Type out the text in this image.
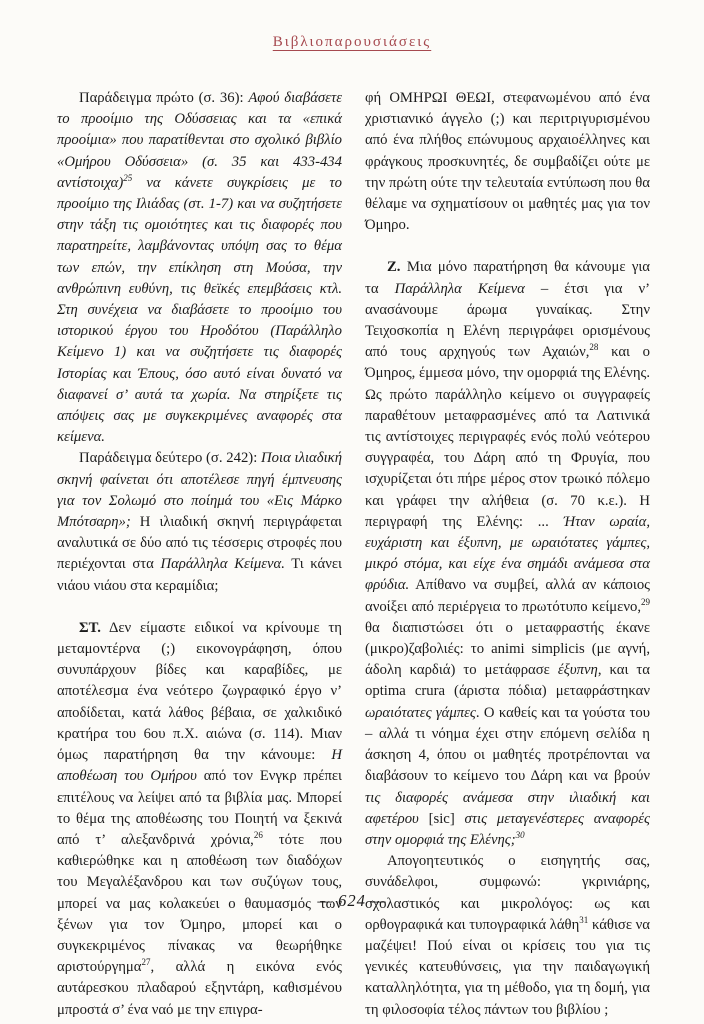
Βιβλιοπαρουσιάσεις

Παράδειγμα πρώτο (σ. 36): Αφού διαβάσετε το προοίμιο της Οδύσσειας και τα «επικά προοίμια» που παρατίθενται στο σχολικό βιβλίο «Ομήρου Οδύσσεια» (σ. 35 και 433-434 αντίστοιχα)$^{25}$ να κάνετε συγκρίσεις με το προοίμιο της Ιλιάδας (στ. 1-7) και να συζητήσετε στην τάξη τις ομοιότητες και τις διαφορές που παρατηρείτε, λαμβάνοντας υπόψη σας το θέμα των επών, την επίκληση στη Μούσα, την ανθρώπινη ευθύνη, τις θεϊκές επεμβάσεις κτλ. Στη συνέχεια να διαβάσετε το προοίμιο του ιστορικού έργου του Ηροδότου (Παράλληλο Κείμενο 1) και να συζητήσετε τις διαφορές Ιστορίας και Έπους, όσο αυτό είναι δυνατό να διαφανεί σ’ αυτά τα χωρία. Να στηρίξετε τις απόψεις σας με συγκεκριμένες αναφορές στα κείμενα.

Παράδειγμα δεύτερο (σ. 242): Ποια ιλιαδική σκηνή φαίνεται ότι αποτέλεσε πηγή έμπνευσης για τον Σολωμό στο ποίημά του «Εις Μάρκο Μπότσαρη»; Η ιλιαδική σκηνή περιγράφεται αναλυτικά σε δύο από τις τέσσερις στροφές που περιέχονται στα Παράλληλα Κείμενα. Τι κάνει νιάου νιάου στα κεραμίδια;

ΣΤ. Δεν είμαστε ειδικοί να κρίνουμε τη μεταμοντέρνα (;) εικονογράφηση, όπου συνυπάρχουν βίδες και καραβίδες, με αποτέλεσμα ένα νεότερο ζωγραφικό έργο ν’ αποδίδεται, κατά λάθος βέβαια, σε χαλκιδικό κρατήρα του 6ου π.Χ. αιώνα (σ. 114). Μιαν όμως παρατήρηση θα την κάνουμε: Η αποθέωση του Ομήρου από τον Ενγκρ πρέπει επιτέλους να λείψει από τα βιβλία μας. Μπορεί το θέμα της αποθέωσης του Ποιητή να ξεκινά από τ’ αλεξανδρινά χρόνια,$^{26}$ τότε που καθιερώθηκε και η αποθέωση των διαδόχων του Μεγαλέξανδρου και των συζύγων τους, μπορεί να μας κολακεύει ο θαυμασμός των ξένων για τον Όμηρο, μπορεί και ο συγκεκριμένος πίνακας να θεωρήθηκε αριστούργημα$^{27}$, αλλά η εικόνα ενός αυτάρεσκου πλαδαρού εξηντάρη, καθισμένου μπροστά σ’ ένα ναό με την επιγρα-

φή ΟΜΗΡΩΙ ΘΕΩΙ, στεφανωμένου από ένα χριστιανικό άγγελο (;) και περιτριγυρισμένου από ένα πλήθος επώνυμους αρχαιοέλληνες και φράγκους προσκυνητές, δε συμβαδίζει ούτε με την πρώτη ούτε την τελευταία εντύπωση που θα θέλαμε να σχηματίσουν οι μαθητές μας για τον Όμηρο.

Ζ. Μια μόνο παρατήρηση θα κάνουμε για τα Παράλληλα Κείμενα – έτσι για ν’ ανασάνουμε άρωμα γυναίκας. Στην Τειχοσκοπία η Ελένη περιγράφει ορισμένους από τους αρχηγούς των Αχαιών,$^{28}$ και ο Όμηρος, έμμεσα μόνο, την ομορφιά της Ελένης. Ως πρώτο παράλληλο κείμενο οι συγγραφείς παραθέτουν μεταφρασμένες από τα Λατινικά τις αντίστοιχες περιγραφές ενός πολύ νεότερου συγγραφέα, του Δάρη από τη Φρυγία, που ισχυρίζεται ότι πήρε μέρος στον τρωικό πόλεμο και γράφει την αλήθεια (σ. 70 κ.ε.). Η περιγραφή της Ελένης: ... Ήταν ωραία, ευχάριστη και έξυπνη, με ωραιότατες γάμπες, μικρό στόμα, και είχε ένα σημάδι ανάμεσα στα φρύδια. Απίθανο να συμβεί, αλλά αν κάποιος ανοίξει από περιέργεια το πρωτότυπο κείμενο,$^{29}$ θα διαπιστώσει ότι ο μεταφραστής έκανε (μικρο)ζαβολιές: το animi simplicis (με αγνή, άδολη καρδιά) το μετάφρασε έξυπνη, και τα optima crura (άριστα πόδια) μεταφράστηκαν ωραιότατες γάμπες. Ο καθείς και τα γούστα του – αλλά τι νόημα έχει στην επόμενη σελίδα η άσκηση 4, όπου οι μαθητές προτρέπονται να διαβάσουν το κείμενο του Δάρη και να βρούν τις διαφορές ανάμεσα στην ιλιαδική και αφετέρου [sic] στις μεταγενέστερες αναφορές στην ομορφιά της Ελένης;$^{30}$

Απογοητευτικός ο εισηγητής σας, συνάδελφοι, συμφωνώ: γκρινιάρης, σχολαστικός και μικρολόγος: ως και ορθογραφικά και τυπογραφικά λάθη$^{31}$ κάθισε να μαζέψει! Πού είναι οι κρίσεις του για τις γενικές κατευθύνσεις, για την παιδαγωγική καταλληλότητα, για τη μέθοδο, για τη δομή, για τη φιλοσοφία τέλος πάντων του βιβλίου ;

— 624 —
